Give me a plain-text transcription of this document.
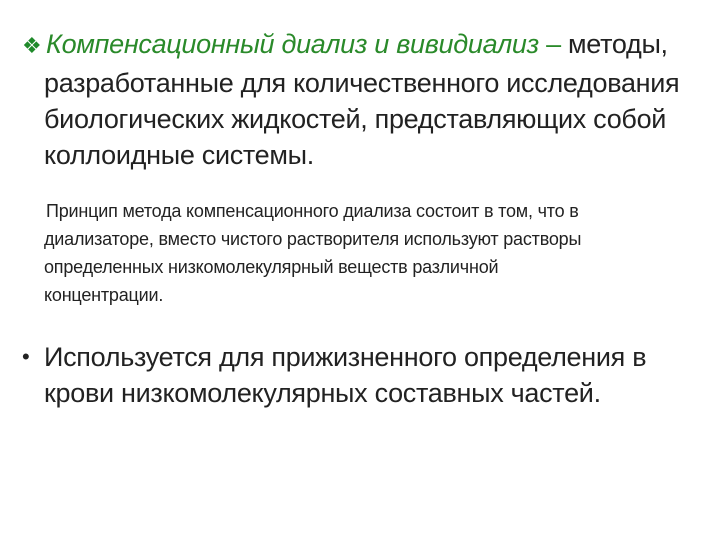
❖ Компенсационный диализ и вивидиализ – методы,
разработанные для количественного исследования
биологических жидкостей, представляющих собой
коллоидные системы.
Принцип метода компенсационного диализа состоит в том, что в
диализаторе, вместо чистого растворителя используют растворы
определенных низкомолекулярный веществ различной
концентрации.
• Используется для прижизненного определения в
крови низкомолекулярных составных частей.
